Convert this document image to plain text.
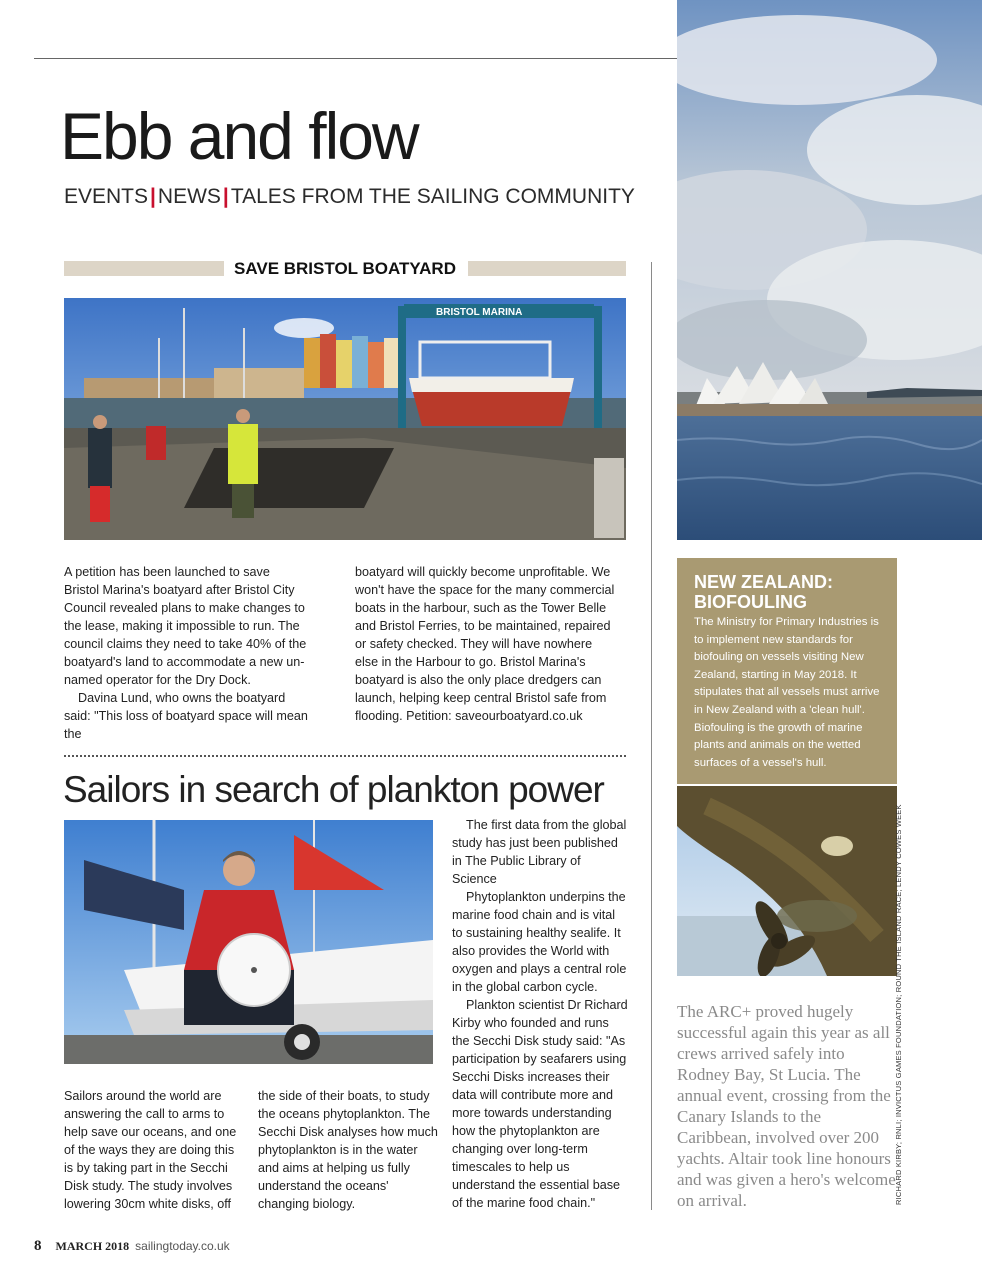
Ebb and flow
EVENTS|NEWS|TALES FROM THE SAILING COMMUNITY
SAVE BRISTOL BOATYARD
BRISTOL MARINA

A petition has been launched to save Bristol Marina's boatyard after Bristol City Council revealed plans to make changes to the lease, making it impossible to run. The council claims they need to take 40% of the boatyard's land to accommodate a new un-named operator for the Dry Dock.

Davina Lund, who owns the boatyard said: "This loss of boatyard space will mean the

boatyard will quickly become unprofitable. We won't have the space for the many commercial boats in the harbour, such as the Tower Belle and Bristol Ferries, to be maintained, repaired or safety checked. They will have nowhere else in the Harbour to go. Bristol Marina's boatyard is also the only place dredgers can launch, helping keep central Bristol safe from flooding. Petition: saveourboatyard.co.uk

Sailors in search of plankton power

Sailors around the world are answering the call to arms to help save our oceans, and one of the ways they are doing this is by taking part in the Secchi Disk study. The study involves lowering 30cm white disks, off

the side of their boats, to study the oceans phytoplankton. The Secchi Disk analyses how much phytoplankton is in the water and aims at helping us fully understand the oceans' changing biology.

The first data from the global study has just been published in The Public Library of Science

Phytoplankton underpins the marine food chain and is vital to sustaining healthy sealife. It also provides the World with oxygen and plays a central role in the global carbon cycle.

Plankton scientist Dr Richard Kirby who founded and runs the Secchi Disk study said: "As participation by seafarers using Secchi Disks increases their data will contribute more and more towards understanding how the phytoplankton are changing over long-term timescales to help us understand the essential base of the marine food chain."

NEW ZEALAND: BIOFOULING
The Ministry for Primary Industries is to implement new standards for biofouling on vessels visiting New Zealand, starting in May 2018. It stipulates that all vessels must arrive in New Zealand with a 'clean hull'. Biofouling is the growth of marine plants and animals on the wetted surfaces of a vessel's hull.
The ARC+ proved hugely successful again this year as all crews arrived safely into Rodney Bay, St Lucia. The annual event, crossing from the Canary Islands to the Caribbean, involved over 200 yachts. Altair took line honours and was given a hero's welcome on arrival.	RICHARD KIRBY; RNLI; INVICTUS GAMES FOUNDATION; ROUND THE ISLAND RACE; LENDY COWES WEEK
8 MARCH 2018 sailingtoday.co.uk
